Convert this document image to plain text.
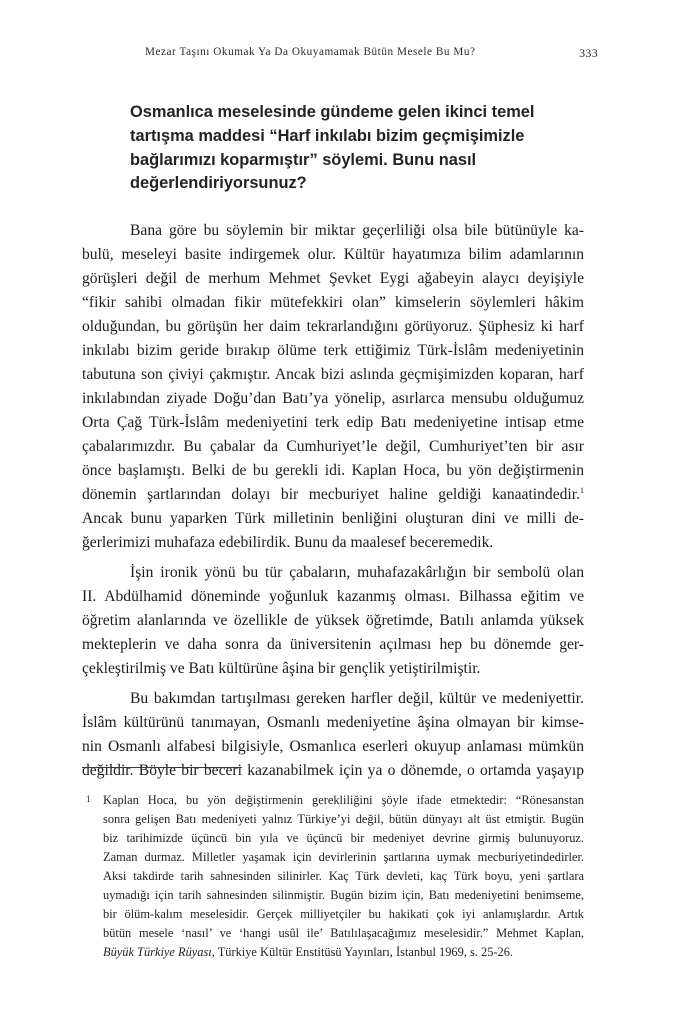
Mezar Taşını Okumak Ya Da Okuyamamak Bütün Mesele Bu Mu?	333
Osmanlıca meselesinde gündeme gelen ikinci temel
tartışma maddesi “Harf inkılabı bizim geçmişimizle
bağlarımızı koparmıştır” söylemi. Bunu nasıl
değerlendiriyorsunuz?
Bana göre bu söylemin bir miktar geçerliliği olsa bile bütünüyle ka-
bulü, meseleyi basite indirgemek olur. Kültür hayatımıza bilim adamlarının
görüşleri değil de merhum Mehmet Şevket Eygi ağabeyin alaycı deyişiyle
“fikir sahibi olmadan fikir mütefekkiri olan” kimselerin söylemleri hâkim
olduğundan, bu görüşün her daim tekrarlandığını görüyoruz. Şüphesiz ki harf
inkılabı bizim geride bırakıp ölüme terk ettiğimiz Türk-İslâm medeniyetinin
tabutuna son çiviyi çakmıştır. Ancak bizi aslında geçmişimizden koparan, harf
inkılabından ziyade Doğu’dan Batı’ya yönelip, asırlarca mensubu olduğumuz
Orta Çağ Türk-İslâm medeniyetini terk edip Batı medeniyetine intisap etme
çabalarımızdır. Bu çabalar da Cumhuriyet’le değil, Cumhuriyet’ten bir asır
önce başlamıştı. Belki de bu gerekli idi. Kaplan Hoca, bu yön değiştirmenin
dönemin şartlarından dolayı bir mecburiyet haline geldiği kanaatindedir.$^1$
Ancak bunu yaparken Türk milletinin benliğini oluşturan dini ve milli de-
ğerlerimizi muhafaza edebilirdik. Bunu da maalesef beceremedik.
İşin ironik yönü bu tür çabaların, muhafazakârlığın bir sembolü olan
II. Abdülhamid döneminde yoğunluk kazanmış olması. Bilhassa eğitim ve
öğretim alanlarında ve özellikle de yüksek öğretimde, Batılı anlamda yüksek
mekteplerin ve daha sonra da üniversitenin açılması hep bu dönemde ger-
çekleştirilmiş ve Batı kültürüne âşina bir gençlik yetiştirilmiştir.
Bu bakımdan tartışılması gereken harfler değil, kültür ve medeniyettir.
İslâm kültürünü tanımayan, Osmanlı medeniyetine âşina olmayan bir kimse-
nin Osmanlı alfabesi bilgisiyle, Osmanlıca eserleri okuyup anlaması mümkün
değildir. Böyle bir beceri kazanabilmek için ya o dönemde, o ortamda yaşayıp
1 Kaplan Hoca, bu yön değiştirmenin gerekliliğini şöyle ifade etmektedir: “Rönesanstan
sonra gelişen Batı medeniyeti yalnız Türkiye’yi değil, bütün dünyayı alt üst etmiştir. Bugün
biz tarihimizde üçüncü bin yıla ve üçüncü bir medeniyet devrine girmiş bulunuyoruz.
Zaman durmaz. Milletler yaşamak için devirlerinin şartlarına uymak mecburiyetindedirler.
Aksi takdirde tarih sahnesinden silinirler. Kaç Türk devleti, kaç Türk boyu, yeni şartlara
uymadığı için tarih sahnesinden silinmiştir. Bugün bizim için, Batı medeniyetini benimseme,
bir ölüm-kalım meselesidir. Gerçek milliyetçiler bu hakikati çok iyi anlamışlardır. Artık
bütün mesele ‘nasıl’ ve ‘hangi usûl ile’ Batılılaşacağımız meselesidir.” Mehmet Kaplan,
Büyük Türkiye Rüyası, Türkiye Kültür Enstitüsü Yayınları, İstanbul 1969, s. 25-26.
